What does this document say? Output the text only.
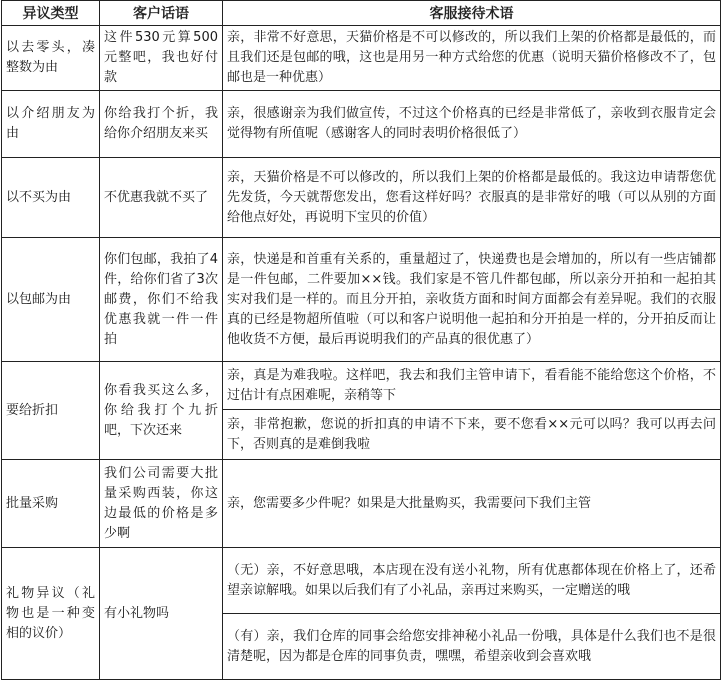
异议类型	客户话语	客服接待术语
以去零头，凑整数为由	这件530元算500元整吧，我也好付款	亲，非常不好意思，天猫价格是不可以修改的，所以我们上架的价格都是最低的，而且我们还是包邮的哦，这也是用另一种方式给您的优惠（说明天猫价格修改不了，包邮也是一种优惠）
以介绍朋友为由	你给我打个折，我给你介绍朋友来买	亲，很感谢亲为我们做宣传，不过这个价格真的已经是非常低了，亲收到衣服肯定会觉得物有所值呢（感谢客人的同时表明价格很低了）
以不买为由	不优惠我就不买了	亲，天猫价格是不可以修改的，所以我们上架的价格都是最低的。我这边申请帮您优先发货，今天就帮您发出，您看这样好吗？衣服真的是非常好的哦（可以从别的方面给他点好处，再说明下宝贝的价值）
以包邮为由	你们包邮，我拍了4件，给你们省了3次邮费，你们不给我优惠我就一件一件拍	亲，快递是和首重有关系的，重量超过了，快递费也是会增加的，所以有一些店铺都是一件包邮，二件要加××钱。我们家是不管几件都包邮，所以亲分开拍和一起拍其实对我们是一样的。而且分开拍，亲收货方面和时间方面都会有差异呢。我们的衣服真的已经是物超所值啦（可以和客户说明他一起拍和分开拍是一样的，分开拍反而让他收货不方便，最后再说明我们的产品真的很优惠了）
要给折扣	你看我买这么多，你给我打个九折吧，下次还来	亲，真是为难我啦。这样吧，我去和我们主管申请下，看看能不能给您这个价格，不过估计有点困难呢，亲稍等下
		亲，非常抱歉，您说的折扣真的申请不下来，要不您看××元可以吗？我可以再去问下，否则真的是难倒我啦
批量采购	我们公司需要大批量采购西装，你这边最低的价格是多少啊	亲，您需要多少件呢？如果是大批量购买，我需要问下我们主管
礼物异议（礼物也是一种变相的议价）	有小礼物吗	（无）亲，不好意思哦，本店现在没有送小礼物，所有优惠都体现在价格上了，还希望亲谅解哦。如果以后我们有了小礼品，亲再过来购买，一定赠送的哦
		（有）亲，我们仓库的同事会给您安排神秘小礼品一份哦，具体是什么我们也不是很清楚呢，因为都是仓库的同事负责，嘿嘿，希望亲收到会喜欢哦
